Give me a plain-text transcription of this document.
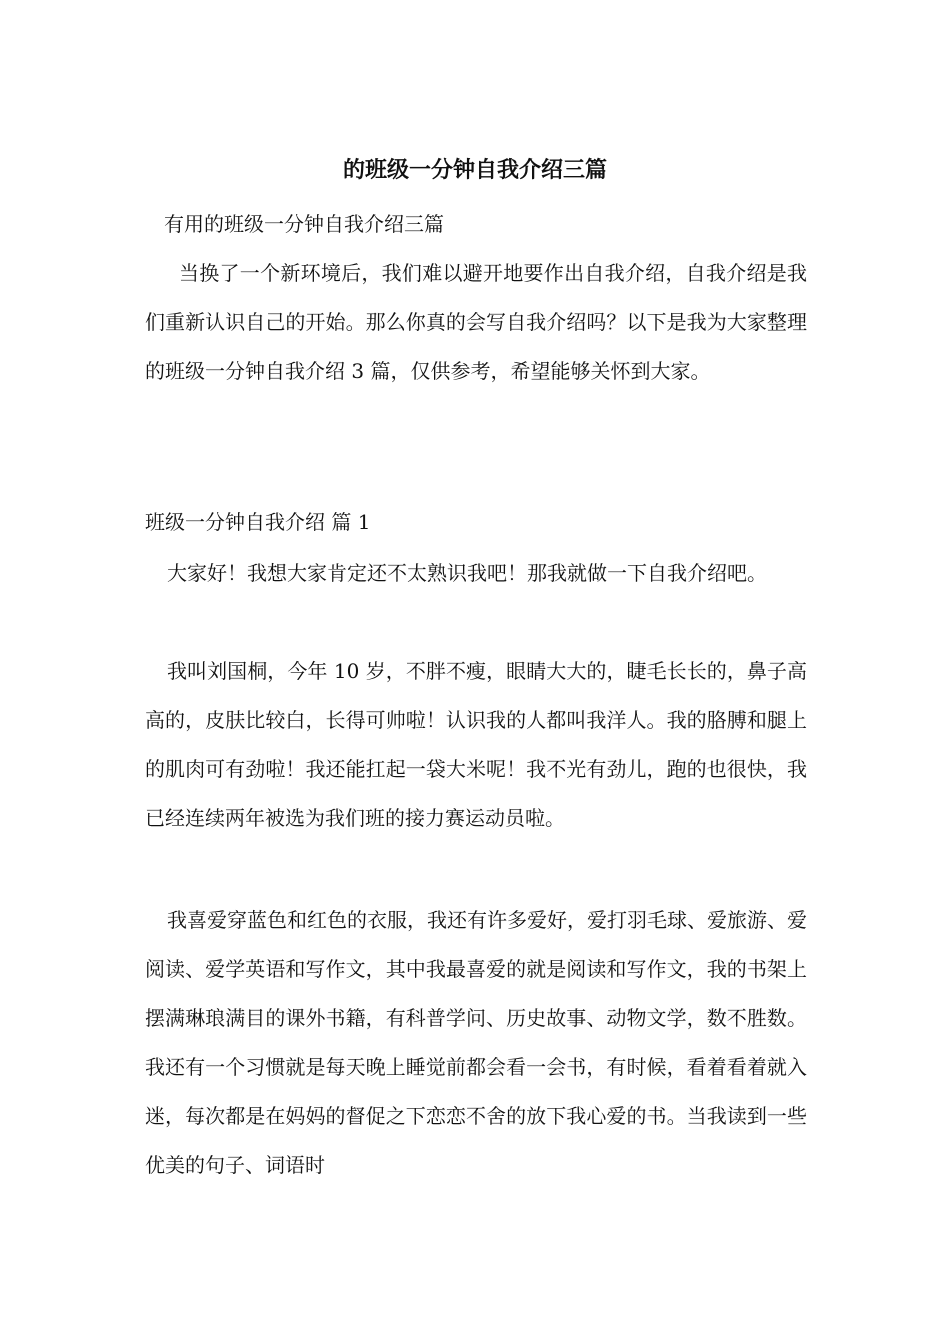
的班级一分钟自我介绍三篇

有用的班级一分钟自我介绍三篇

当换了一个新环境后，我们难以避开地要作出自我介绍，自我介绍是我们重新认识自己的开始。那么你真的会写自我介绍吗？以下是我为大家整理的班级一分钟自我介绍 3 篇，仅供参考，希望能够关怀到大家。

班级一分钟自我介绍 篇 1

大家好！我想大家肯定还不太熟识我吧！那我就做一下自我介绍吧。

我叫刘国桐，今年 10 岁，不胖不瘦，眼睛大大的，睫毛长长的，鼻子高高的，皮肤比较白，长得可帅啦！认识我的人都叫我洋人。我的胳膊和腿上的肌肉可有劲啦！我还能扛起一袋大米呢！我不光有劲儿，跑的也很快，我已经连续两年被选为我们班的接力赛运动员啦。

我喜爱穿蓝色和红色的衣服，我还有许多爱好，爱打羽毛球、爱旅游、爱阅读、爱学英语和写作文，其中我最喜爱的就是阅读和写作文，我的书架上摆满琳琅满目的课外书籍，有科普学问、历史故事、动物文学，数不胜数。我还有一个习惯就是每天晚上睡觉前都会看一会书，有时候，看着看着就入迷，每次都是在妈妈的督促之下恋恋不舍的放下我心爱的书。当我读到一些优美的句子、词语时
